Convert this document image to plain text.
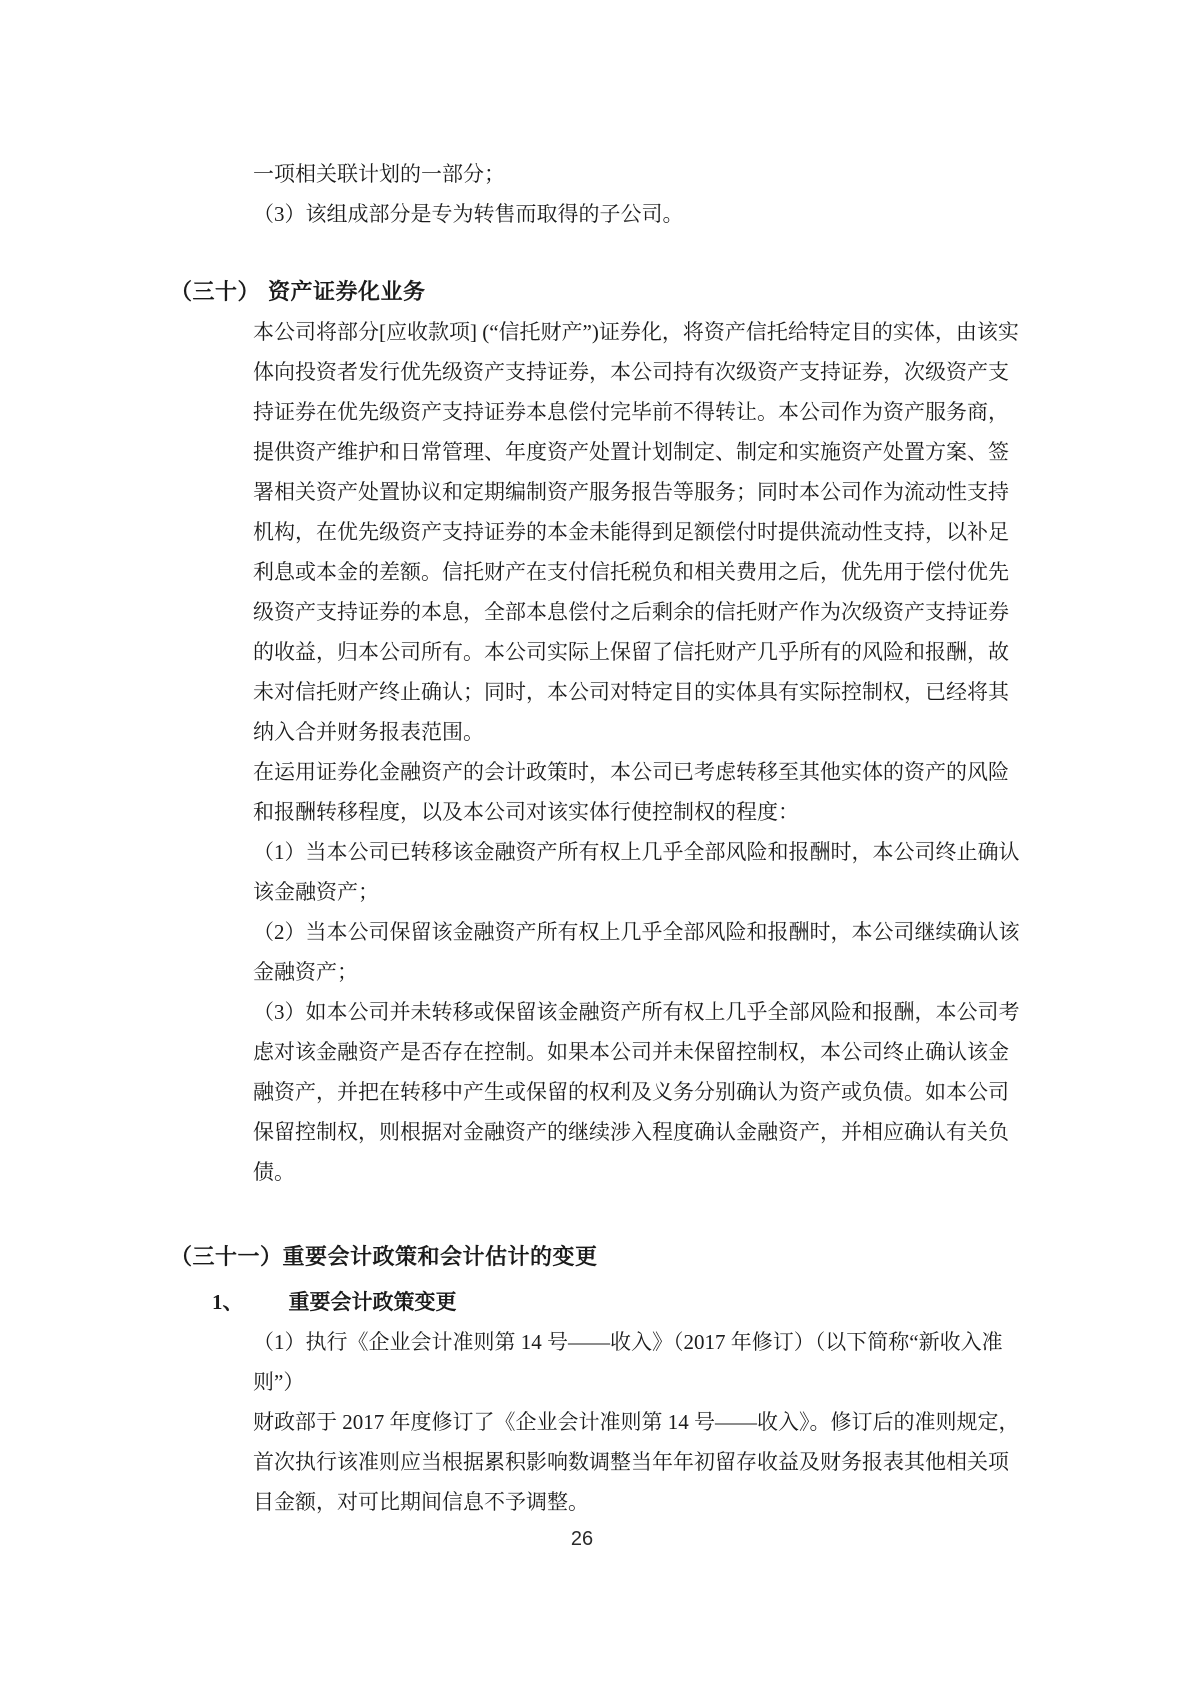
一项相关联计划的一部分；
（3）该组成部分是专为转售而取得的子公司。
（三十） 资产证券化业务
本公司将部分[应收款项] (“信托财产”)证券化，将资产信托给特定目的实体，由该实
体向投资者发行优先级资产支持证券，本公司持有次级资产支持证券，次级资产支
持证券在优先级资产支持证券本息偿付完毕前不得转让。本公司作为资产服务商，
提供资产维护和日常管理、年度资产处置计划制定、制定和实施资产处置方案、签
署相关资产处置协议和定期编制资产服务报告等服务；同时本公司作为流动性支持
机构，在优先级资产支持证券的本金未能得到足额偿付时提供流动性支持，以补足
利息或本金的差额。信托财产在支付信托税负和相关费用之后，优先用于偿付优先
级资产支持证券的本息，全部本息偿付之后剩余的信托财产作为次级资产支持证券
的收益，归本公司所有。本公司实际上保留了信托财产几乎所有的风险和报酬，故
未对信托财产终止确认；同时，本公司对特定目的实体具有实际控制权，已经将其
纳入合并财务报表范围。
在运用证券化金融资产的会计政策时，本公司已考虑转移至其他实体的资产的风险
和报酬转移程度，以及本公司对该实体行使控制权的程度：
（1）当本公司已转移该金融资产所有权上几乎全部风险和报酬时，本公司终止确认
该金融资产；
（2）当本公司保留该金融资产所有权上几乎全部风险和报酬时，本公司继续确认该
金融资产；
（3）如本公司并未转移或保留该金融资产所有权上几乎全部风险和报酬，本公司考
虑对该金融资产是否存在控制。如果本公司并未保留控制权，本公司终止确认该金
融资产，并把在转移中产生或保留的权利及义务分别确认为资产或负债。如本公司
保留控制权，则根据对金融资产的继续涉入程度确认金融资产，并相应确认有关负
债。
（三十一）重要会计政策和会计估计的变更
1、 重要会计政策变更
（1）执行《企业会计准则第 14 号——收入》（2017 年修订）（以下简称“新收入准
则”）
财政部于 2017 年度修订了《企业会计准则第 14 号——收入》。修订后的准则规定，
首次执行该准则应当根据累积影响数调整当年年初留存收益及财务报表其他相关项
目金额，对可比期间信息不予调整。
26
